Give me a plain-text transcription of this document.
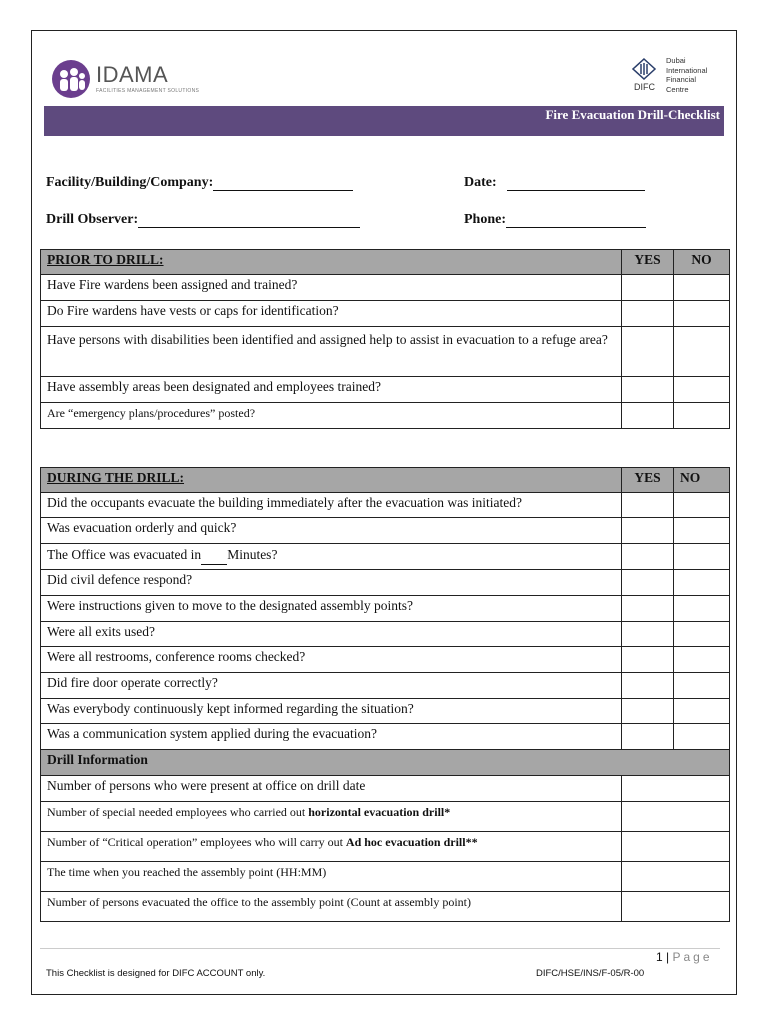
IDAMA
FACILITIES MANAGEMENT SOLUTIONS	DIFC
Dubai
International
Financial
Centre
Fire Evacuation Drill-Checklist
Facility/Building/Company:	Date:
Drill Observer:	Phone:
PRIOR TO DRILL:	YES	NO
Have Fire wardens been assigned and trained?		
Do Fire wardens have vests or caps for identification?		
Have persons with disabilities been identified and assigned help to assist in evacuation to a refuge area?		
Have assembly areas been designated and employees trained?		
Are “emergency plans/procedures” posted?		
DURING THE DRILL:	YES	NO
Did the occupants evacuate the building immediately after the evacuation was initiated?		
Was evacuation orderly and quick?		
The Office was evacuated in Minutes?		
Did civil defence respond?		
Were instructions given to move to the designated assembly points?		
Were all exits used?		
Were all restrooms, conference rooms checked?		
Did fire door operate correctly?		
Was everybody continuously kept informed regarding the situation?		
Was a communication system applied during the evacuation?		
Drill Information		
Number of persons who were present at office on drill date		
Number of special needed employees who carried out horizontal evacuation drill*		
Number of “Critical operation” employees who will carry out Ad hoc evacuation drill**		
The time when you reached the assembly point (HH:MM)		
Number of persons evacuated the office to the assembly point (Count at assembly point)		
1 | Page
This Checklist is designed for DIFC ACCOUNT only.	DIFC/HSE/INS/F-05/R-00
